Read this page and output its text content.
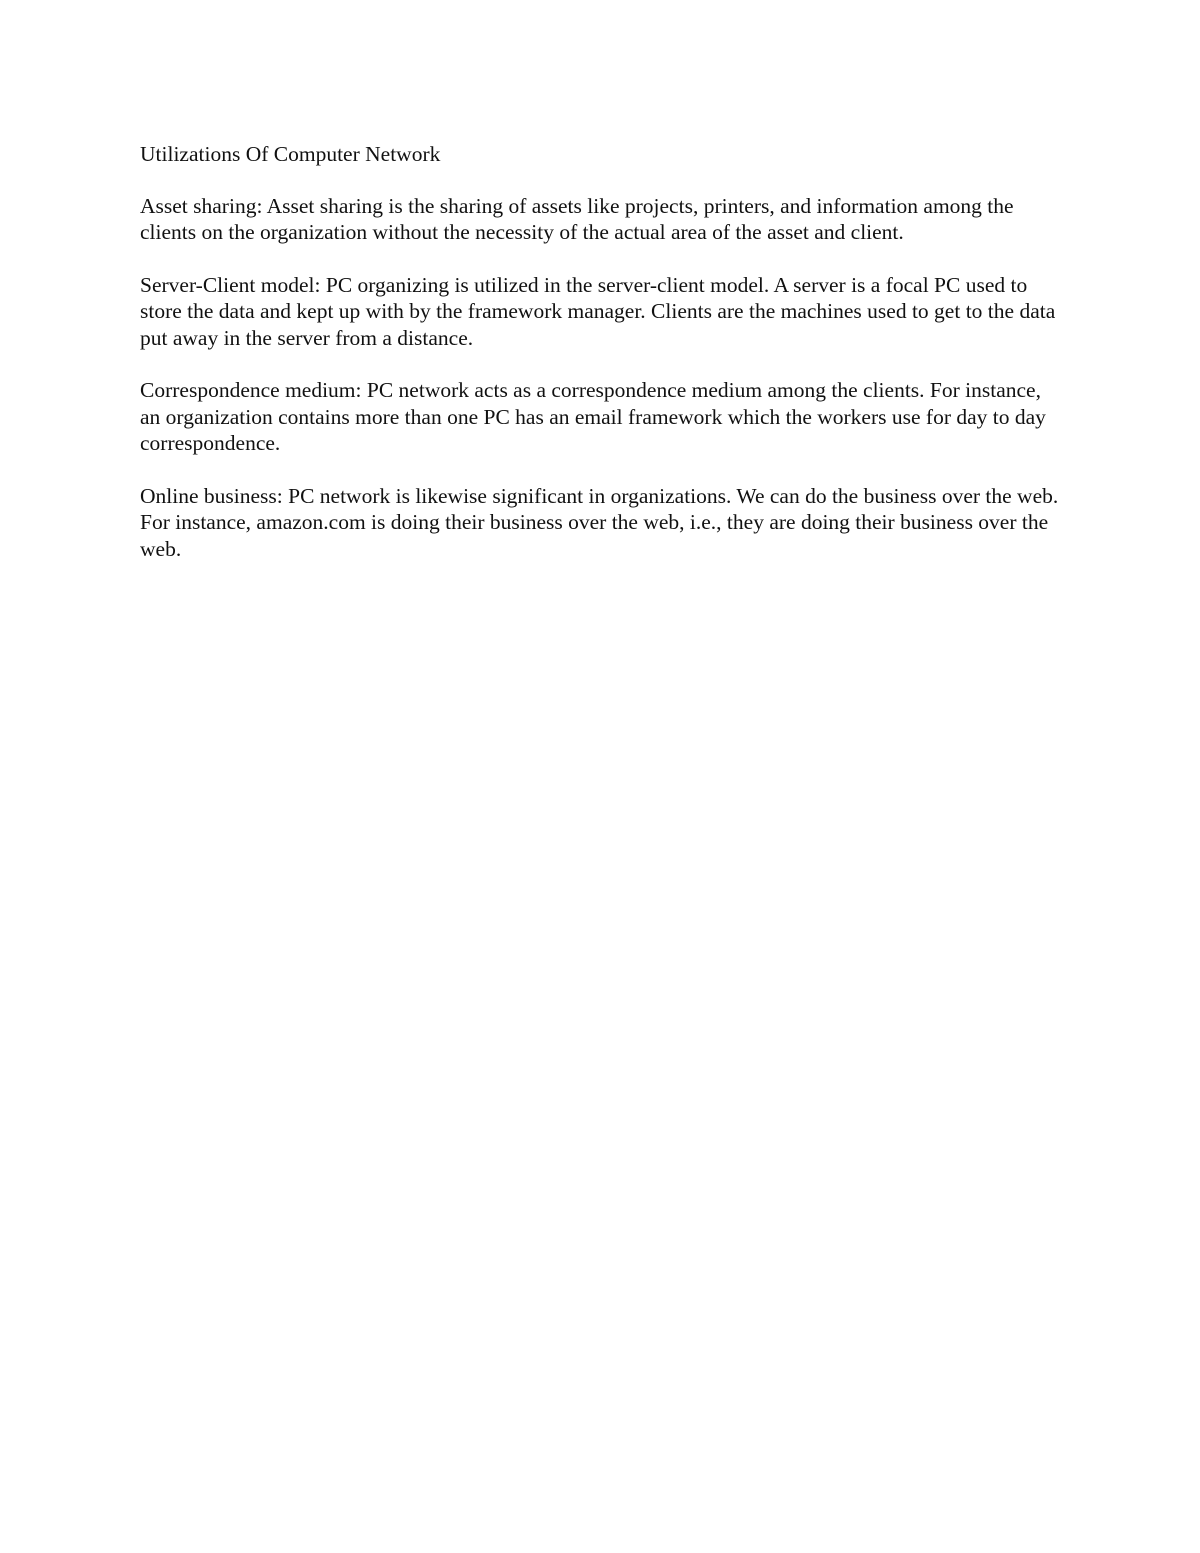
Utilizations Of Computer Network

Asset sharing: Asset sharing is the sharing of assets like projects, printers, and information among the clients on the organization without the necessity of the actual area of the asset and client.

Server-Client model: PC organizing is utilized in the server-client model. A server is a focal PC used to store the data and kept up with by the framework manager. Clients are the machines used to get to the data put away in the server from a distance.

Correspondence medium: PC network acts as a correspondence medium among the clients. For instance, an organization contains more than one PC has an email framework which the workers use for day to day correspondence.

Online business: PC network is likewise significant in organizations. We can do the business over the web. For instance, amazon.com is doing their business over the web, i.e., they are doing their business over the web.
